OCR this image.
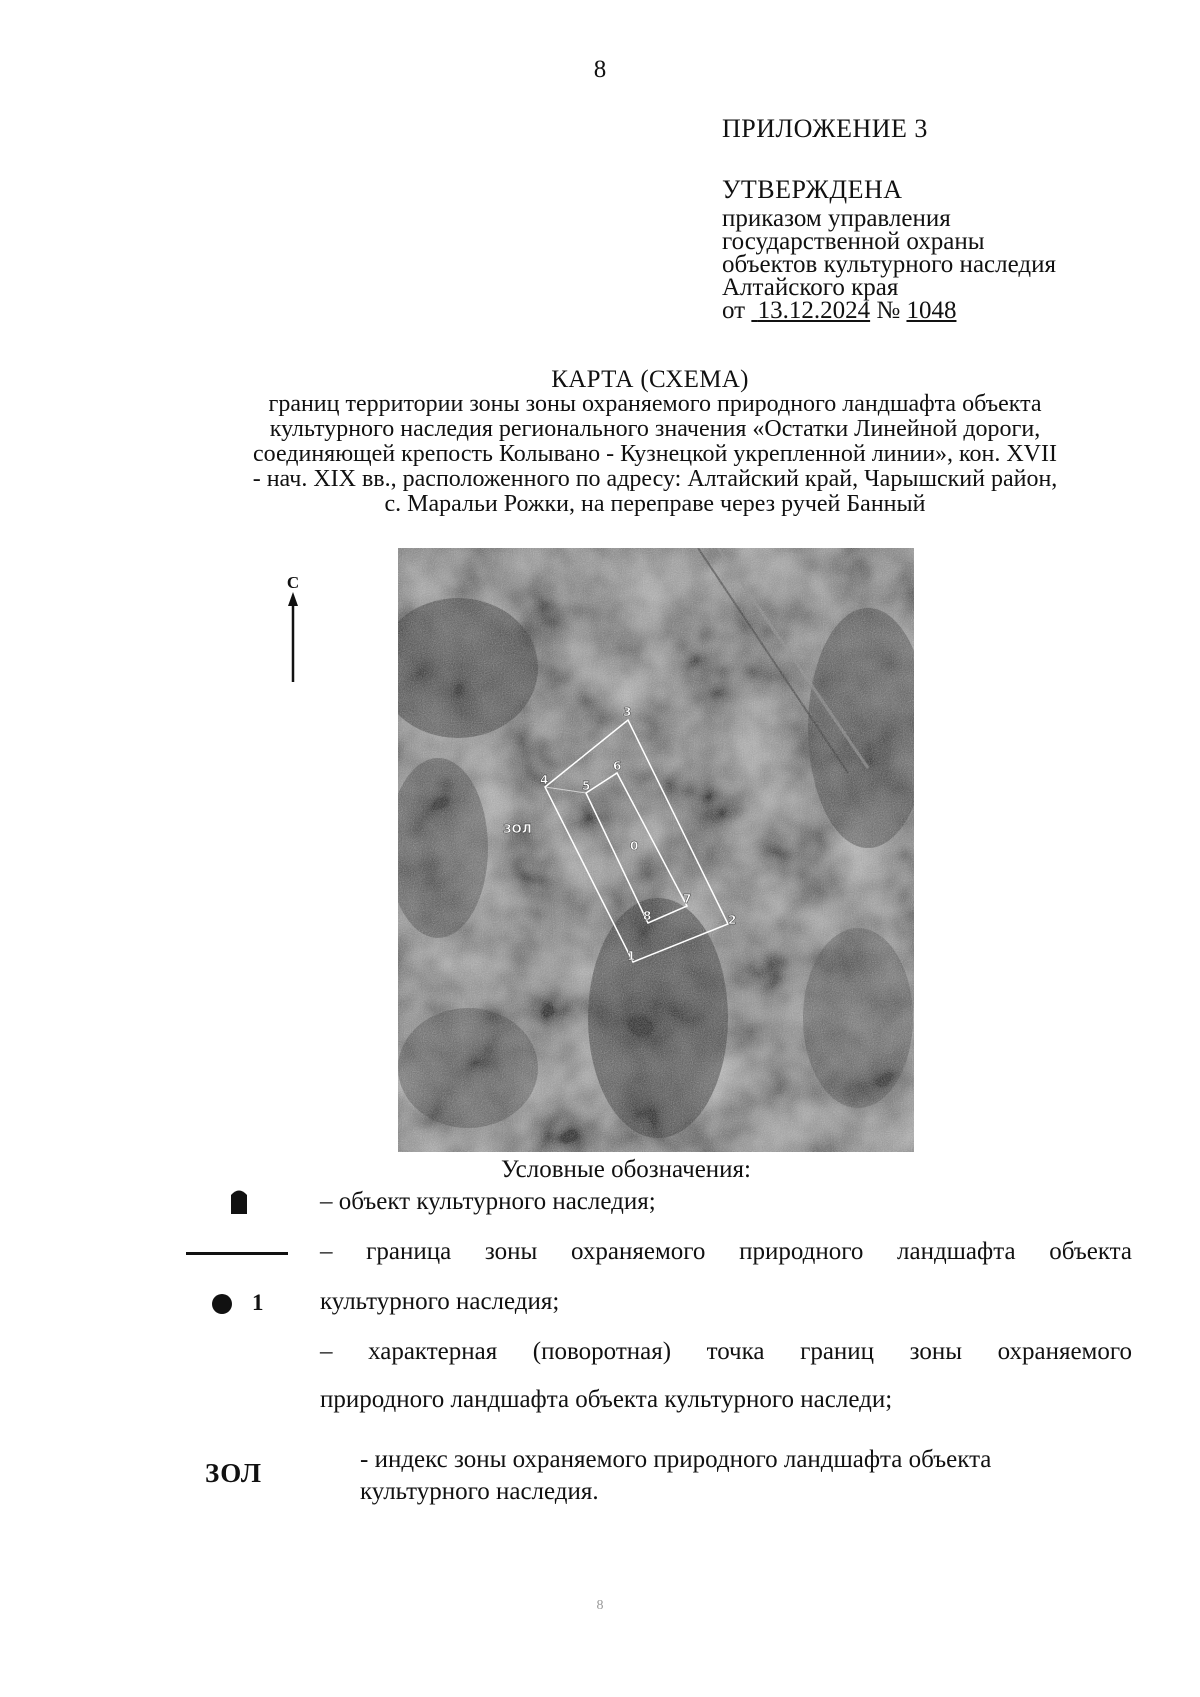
8
ПРИЛОЖЕНИЕ 3
УТВЕРЖДЕНА
приказом управления
государственной охраны
объектов культурного наследия
Алтайского края
от 13.12.2024 № 1048
КАРТА (СХЕМА)
границ территории зоны зоны охраняемого природного ландшафта объекта
культурного наследия регионального значения «Остатки Линейной дороги,
соединяющей крепость Колывано - Кузнецкой укрепленной линии», кон. XVII
- нач. XIX вв., расположенного по адресу: Алтайский край, Чарышский район,
с. Маральи Рожки, на переправе через ручей Банный
С
1
2
3
4	5
6
7
8
0
ЗОЛ
Условные обозначения:
– объект культурного наследия;
– граница зоны охраняемого природного ландшафта объекта
культурного наследия;
1
– характерная (поворотная) точка границ зоны охраняемого
природного ландшафта объекта культурного наследи;
ЗОЛ	- индекс зоны охраняемого природного ландшафта объекта
культурного наследия.
8
